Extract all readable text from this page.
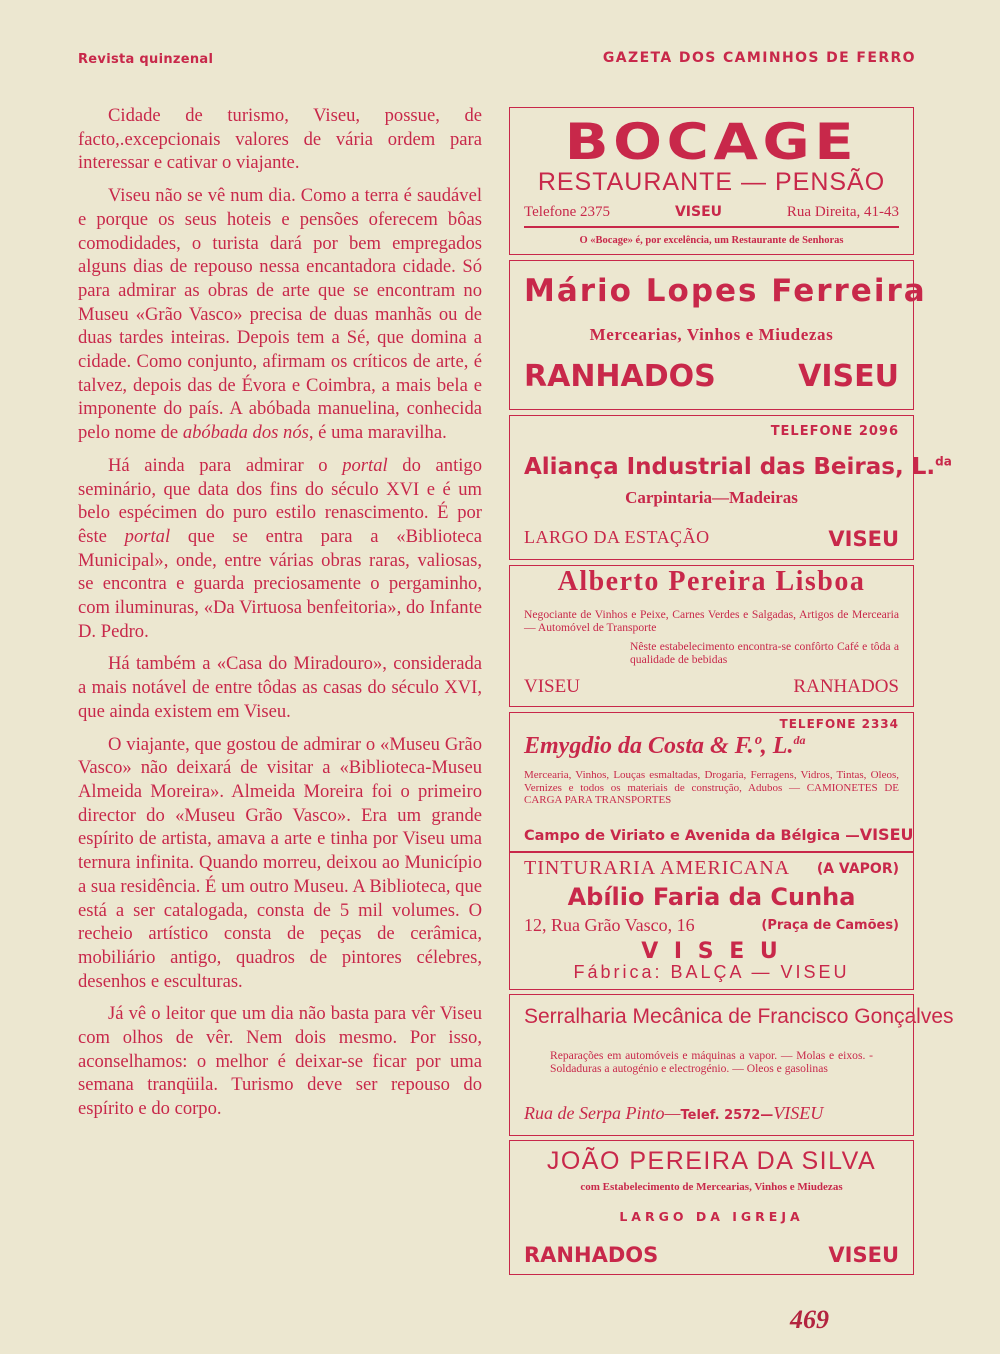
Revista quinzenal	GAZETA DOS CAMINHOS DE FERRO

Cidade de turismo, Viseu, possue, de facto,.excepcionais valores de vária ordem para interessar e cativar o viajante.

Viseu não se vê num dia. Como a terra é saudável e porque os seus hoteis e pensões oferecem bôas comodidades, o turista dará por bem empregados alguns dias de repouso nessa encantadora cidade. Só para admirar as obras de arte que se encontram no Museu «Grão Vasco» precisa de duas manhãs ou de duas tardes inteiras. Depois tem a Sé, que domina a cidade. Como conjunto, afirmam os críticos de arte, é talvez, depois das de Évora e Coimbra, a mais bela e imponente do país. A abóbada manuelina, conhecida pelo nome de abóbada dos nós, é uma maravilha.

Há ainda para admirar o portal do antigo seminário, que data dos fins do século XVI e é um belo espécimen do puro estilo renascimento. É por êste portal que se entra para a «Biblioteca Municipal», onde, entre várias obras raras, valiosas, se encontra e guarda preciosamente o pergaminho, com iluminuras, «Da Virtuosa benfeitoria», do Infante D. Pedro.

Há também a «Casa do Miradouro», considerada a mais notável de entre tôdas as casas do século XVI, que ainda existem em Viseu.

O viajante, que gostou de admirar o «Museu Grão Vasco» não deixará de visitar a «Biblioteca-Museu Almeida Moreira». Almeida Moreira foi o primeiro director do «Museu Grão Vasco». Era um grande espírito de artista, amava a arte e tinha por Viseu uma ternura infinita. Quando morreu, deixou ao Município a sua residência. É um outro Museu. A Biblioteca, que está a ser catalogada, consta de 5 mil volumes. O recheio artístico consta de peças de cerâmica, mobiliário antigo, quadros de pintores célebres, desenhos e esculturas.

Já vê o leitor que um dia não basta para vêr Viseu com olhos de vêr. Nem dois mesmo. Por isso, aconselhamos: o melhor é deixar-se ficar por uma semana tranqüila. Turismo deve ser repouso do espírito e do corpo.

BOCAGE
RESTAURANTE — PENSÃO
Telefone 2375	VISEU	Rua Direita, 41-43
O «Bocage» é, por excelência, um Restaurante de Senhoras
Mário Lopes Ferreira
Mercearias, Vinhos e Miudezas
RANHADOS	VISEU
TELEFONE 2096
Aliança Industrial das Beiras, L.$^{da}$
Carpintaria—Madeiras
LARGO DA ESTAÇÃO	VISEU
Alberto Pereira Lisboa
Negociante de Vinhos e Peixe, Carnes Verdes e Salgadas, Artigos de Mercearia — Automóvel de Transporte
Nêste estabelecimento encontra-se confôrto Café e tôda a qualidade de bebidas
VISEU	RANHADOS
TELEFONE 2334
Emygdio da Costa & F.º, L.$^{da}$
Mercearia, Vinhos, Louças esmaltadas, Drogaria, Ferragens, Vidros, Tintas, Oleos, Vernizes e todos os materiais de construção, Adubos — CAMIONETES DE CARGA PARA TRANSPORTES
Campo de Viriato e Avenida da Bélgica —VISEU
TINTURARIA AMERICANA (A VAPOR)
Abílio Faria da Cunha
12, Rua Grão Vasco, 16	(Praça de Camões)
V I S E U
Fábrica: BALÇA — VISEU
Serralharia Mecânica de Francisco Gonçalves
Reparações em automóveis e máquinas a vapor. — Molas e eixos. - Soldaduras a autogénio e electrogénio. — Oleos e gasolinas
Rua de Serpa Pinto—Telef. 2572—VISEU
JOÃO PEREIRA DA SILVA
com Estabelecimento de Mercearias, Vinhos e Miudezas
LARGO DA IGREJA
RANHADOS	VISEU
469
